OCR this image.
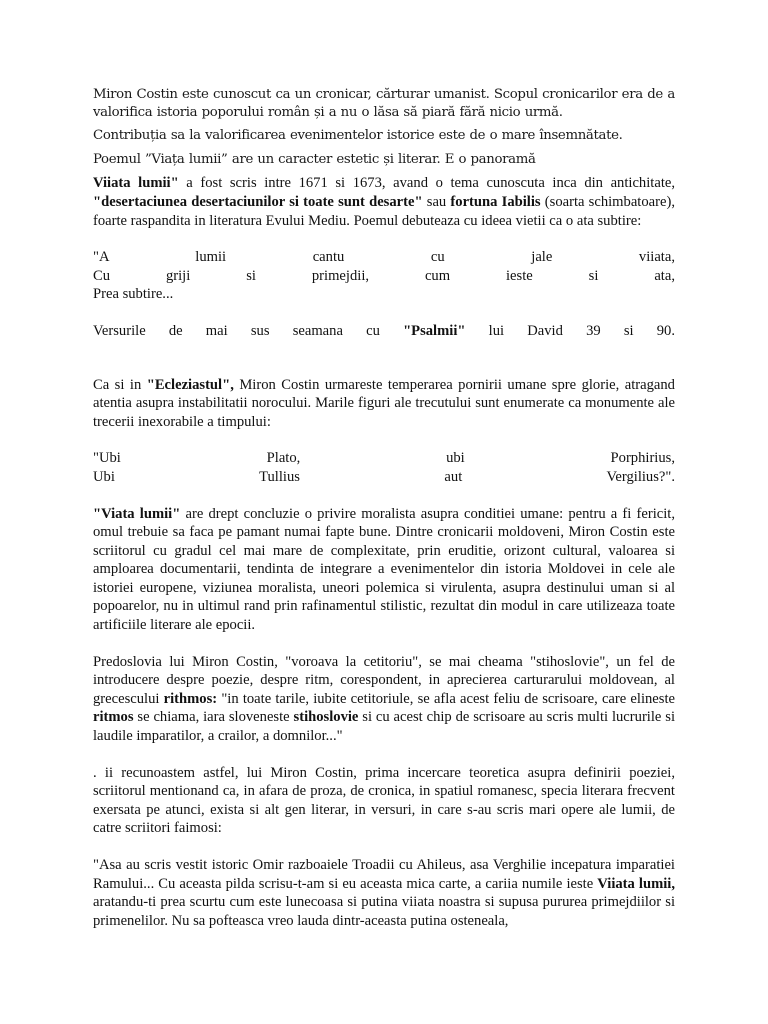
Miron Costin este cunoscut ca un cronicar, cărturar umanist. Scopul cronicarilor era de a valorifica istoria poporului român și a nu o lăsa să piară fără nicio urmă.

Contribuția sa la valorificarea evenimentelor istorice este de o mare însemnătate.

Poemul ”Viața lumii” are un caracter estetic și literar. E o panoramă

Viiata lumii" a fost scris intre 1671 si 1673, avand o tema cunoscuta inca din antichitate, "desertaciunea desertaciunilor si toate sunt desarte" sau fortuna Iabilis (soarta schimbatoare), foarte raspandita in literatura Evului Mediu. Poemul debuteaza cu ideea vietii ca o ata subtire:

"A lumii cantu cu jale viiata,

Cu griji si primejdii, cum ieste si ata,

Prea subtire...

Versurile de mai sus seamana cu "Psalmii" lui David 39 si 90.

Ca si in "Ecleziastul", Miron Costin urmareste temperarea pornirii umane spre glorie, atragand atentia asupra instabilitatii norocului. Marile figuri ale trecutului sunt enumerate ca monumente ale trecerii inexorabile a timpului:

"Ubi Plato, ubi Porphirius,

Ubi Tullius aut Vergilius?".

"Viata lumii" are drept concluzie o privire moralista asupra conditiei umane: pentru a fi fericit, omul trebuie sa faca pe pamant numai fapte bune. Dintre cronicarii moldoveni, Miron Costin este scriitorul cu gradul cel mai mare de complexitate, prin eruditie, orizont cultural, valoarea si amploarea documentarii, tendinta de integrare a evenimentelor din istoria Moldovei in cele ale istoriei europene, viziunea moralista, uneori polemica si virulenta, asupra destinului uman si al popoarelor, nu in ultimul rand prin rafinamentul stilistic, rezultat din modul in care utilizeaza toate artificiile literare ale epocii.

Predoslovia lui Miron Costin, "voroava la cetitoriu", se mai cheama "stihoslovie", un fel de introducere despre poezie, despre ritm, corespondent, in aprecierea carturarului moldovean, al grecescului rithmos: "in toate tarile, iubite cetitoriule, se afla acest feliu de scrisoare, care elineste ritmos se chiama, iara sloveneste stihoslovie si cu acest chip de scrisoare au scris multi lucrurile si laudile imparatilor, a crailor, a domnilor..."

. ii recunoastem astfel, lui Miron Costin, prima incercare teoretica asupra definirii poeziei, scriitorul mentionand ca, in afara de proza, de cronica, in spatiul romanesc, specia literara frecvent exersata pe atunci, exista si alt gen literar, in versuri, in care s-au scris mari opere ale lumii, de catre scriitori faimosi:

"Asa au scris vestit istoric Omir razboaiele Troadii cu Ahileus, asa Verghilie incepatura imparatiei Ramului... Cu aceasta pilda scrisu-t-am si eu aceasta mica carte, a cariia numile ieste Viiata lumii, aratandu-ti prea scurtu cum este lunecoasa si putina viiata noastra si supusa pururea primejdiilor si primenelilor. Nu sa pofteasca vreo lauda dintr-aceasta putina osteneala,
